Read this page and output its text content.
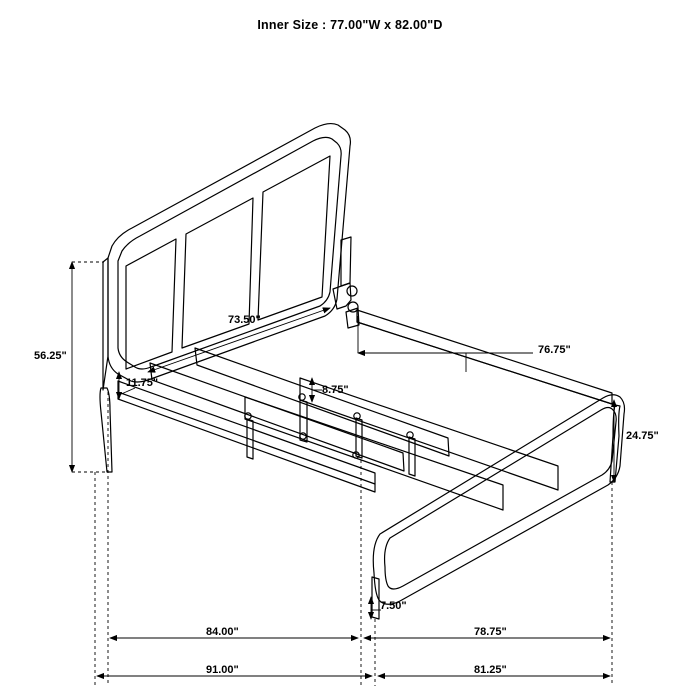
Inner Size : 77.00"W x 82.00"D
73.50"
56.25"
11.75"
8.75"
76.75"
24.75"
7.50"
84.00"	78.75"
91.00"	81.25"
